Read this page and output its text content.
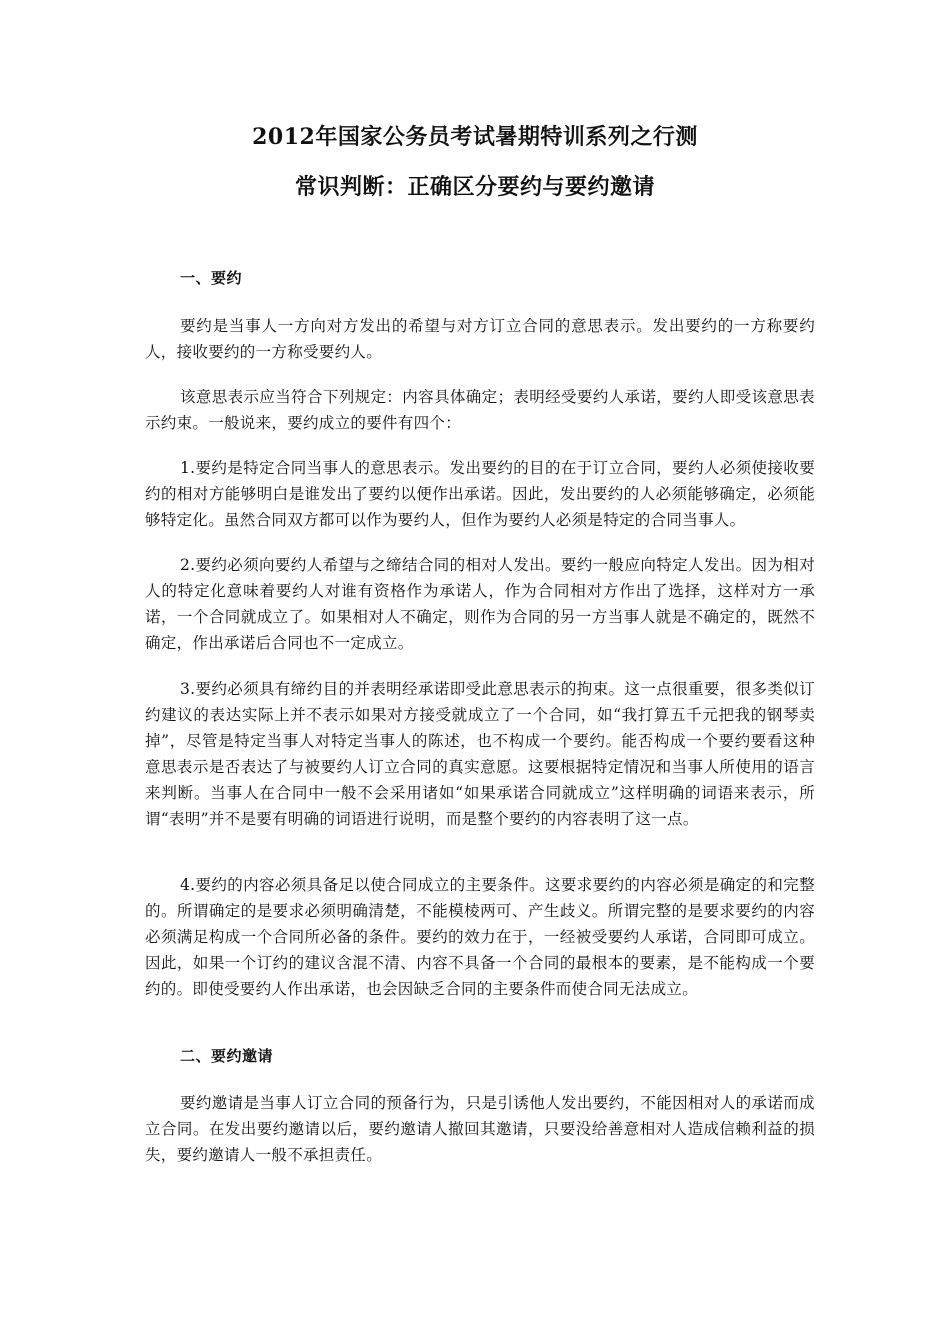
2012年国家公务员考试暑期特训系列之行测
常识判断：正确区分要约与要约邀请
一、要约

要约是当事人一方向对方发出的希望与对方订立合同的意思表示。发出要约的一方称要约人，接收要约的一方称受要约人。

该意思表示应当符合下列规定：内容具体确定；表明经受要约人承诺，要约人即受该意思表示约束。一般说来，要约成立的要件有四个：

1.要约是特定合同当事人的意思表示。发出要约的目的在于订立合同，要约人必须使接收要约的相对方能够明白是谁发出了要约以便作出承诺。因此，发出要约的人必须能够确定，必须能够特定化。虽然合同双方都可以作为要约人，但作为要约人必须是特定的合同当事人。

2.要约必须向要约人希望与之缔结合同的相对人发出。要约一般应向特定人发出。因为相对人的特定化意味着要约人对谁有资格作为承诺人，作为合同相对方作出了选择，这样对方一承诺，一个合同就成立了。如果相对人不确定，则作为合同的另一方当事人就是不确定的，既然不确定，作出承诺后合同也不一定成立。

3.要约必须具有缔约目的并表明经承诺即受此意思表示的拘束。这一点很重要，很多类似订约建议的表达实际上并不表示如果对方接受就成立了一个合同，如“我打算五千元把我的钢琴卖掉”，尽管是特定当事人对特定当事人的陈述，也不构成一个要约。能否构成一个要约要看这种意思表示是否表达了与被要约人订立合同的真实意愿。这要根据特定情况和当事人所使用的语言来判断。当事人在合同中一般不会采用诸如“如果承诺合同就成立”这样明确的词语来表示，所谓“表明”并不是要有明确的词语进行说明，而是整个要约的内容表明了这一点。

4.要约的内容必须具备足以使合同成立的主要条件。这要求要约的内容必须是确定的和完整的。所谓确定的是要求必须明确清楚，不能模棱两可、产生歧义。所谓完整的是要求要约的内容必须满足构成一个合同所必备的条件。要约的效力在于，一经被受要约人承诺，合同即可成立。因此，如果一个订约的建议含混不清、内容不具备一个合同的最根本的要素，是不能构成一个要约的。即使受要约人作出承诺，也会因缺乏合同的主要条件而使合同无法成立。

二、要约邀请

要约邀请是当事人订立合同的预备行为，只是引诱他人发出要约，不能因相对人的承诺而成立合同。在发出要约邀请以后，要约邀请人撤回其邀请，只要没给善意相对人造成信赖利益的损失，要约邀请人一般不承担责任。
